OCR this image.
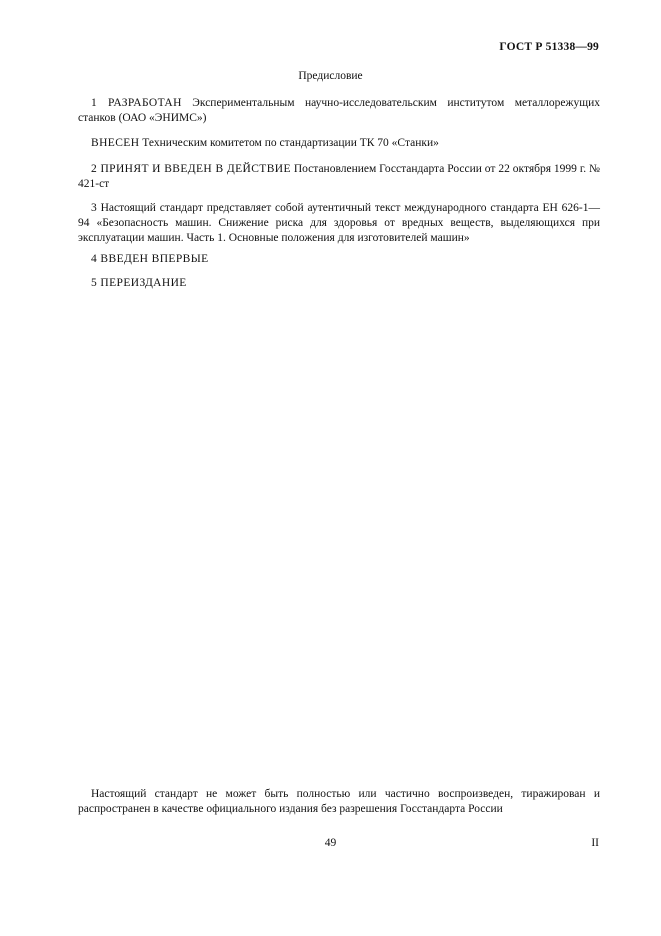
ГОСТ Р 51338—99
Предисловие

1 РАЗРАБОТАН Экспериментальным научно-исследовательским институтом металлорежущих станков (ОАО «ЭНИМС»)

ВНЕСЕН Техническим комитетом по стандартизации ТК 70 «Станки»

2 ПРИНЯТ И ВВЕДЕН В ДЕЙСТВИЕ Постановлением Госстандарта России от 22 октября 1999 г. № 421-ст

3 Настоящий стандарт представляет собой аутентичный текст международного стандарта ЕН 626-1—94 «Безопасность машин. Снижение риска для здоровья от вредных веществ, выделяющихся при эксплуатации машин. Часть 1. Основные положения для изготовителей машин»

4 ВВЕДЕН ВПЕРВЫЕ

5 ПЕРЕИЗДАНИЕ

Настоящий стандарт не может быть полностью или частично воспроизведен, тиражирован и распространен в качестве официального издания без разрешения Госстандарта России

49	II
